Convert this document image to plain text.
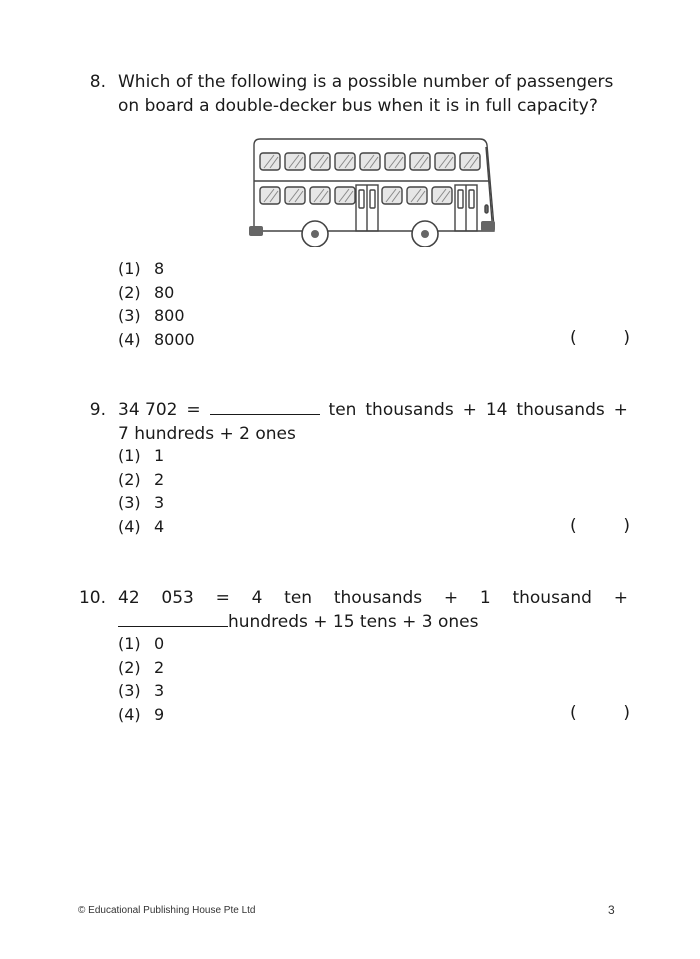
8. Which of the following is a possible number of passengers
on board a double-decker bus when it is in full capacity?
(1) 8
(2) 80
(3) 800
(4) 8000	(	)
9. 34 702 =	ten thousands + 14 thousands +
7 hundreds + 2 ones
(1) 1
(2) 2
(3) 3
(4) 4	(	)
10. 42 053 = 4 ten thousands + 1 thousand +
hundreds + 15 tens + 3 ones
(1) 0
(2) 2
(3) 3
(4) 9	(	)
© Educational Publishing House Pte Ltd	3
